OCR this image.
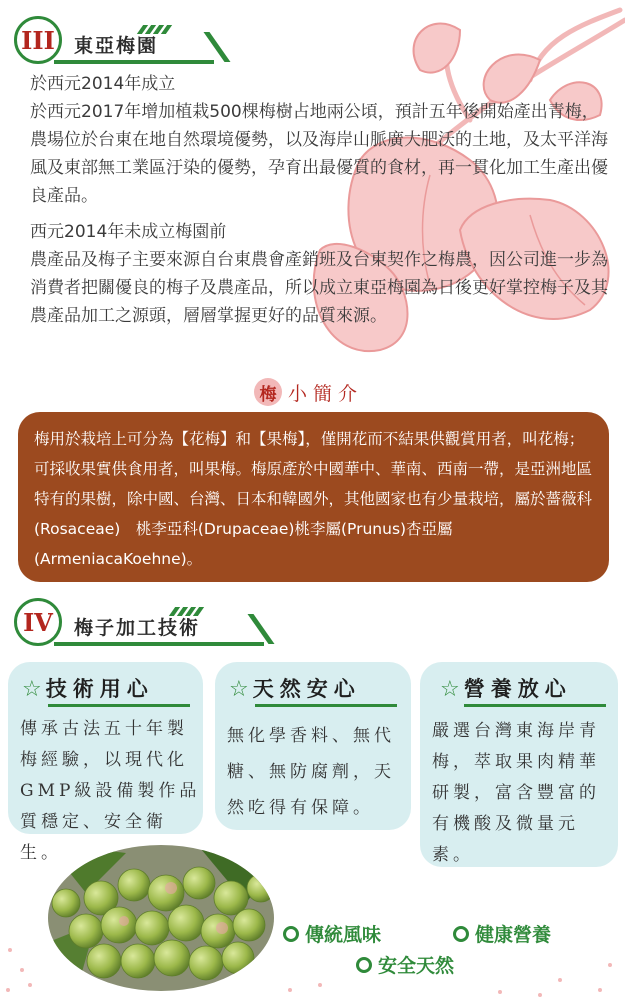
III	東亞梅園

於西元2014年成立

於西元2017年增加植栽500棵梅樹占地兩公頃，預計五年後開始產出青梅，農場位於台東在地自然環境優勢，以及海岸山脈廣大肥沃的土地，及太平洋海風及東部無工業區汙染的優勢，孕育出最優質的食材，再一貫化加工生產出優良產品。

西元2014年未成立梅園前

農產品及梅子主要來源自台東農會產銷班及台東契作之梅農，因公司進一步為消費者把關優良的梅子及農產品，所以成立東亞梅園為日後更好掌控梅子及其農產品加工之源頭，層層掌握更好的品質來源。

梅 小簡介
梅用於栽培上可分為【花梅】和【果梅】，僅開花而不結果供觀賞用者，叫花梅；可採收果實供食用者，叫果梅。梅原產於中國華中、華南、西南一帶，是亞洲地區特有的果樹，除中國、台灣、日本和韓國外，其他國家也有少量栽培，屬於薔薇科(Rosaceae)　桃李亞科(Drupaceae)桃李屬(Prunus)杏亞屬(ArmeniacaKoehne)。
IV	梅子加工技術
☆ 技術用心
傳承古法五十年製梅經驗，以現代化GMP級設備製作品質穩定、安全衛生。
☆ 天然安心
無化學香料、無代糖、無防腐劑，天然吃得有保障。
☆ 營養放心
嚴選台灣東海岸青梅，萃取果肉精華研製，富含豐富的有機酸及微量元素。
傳統風味	健康營養
安全天然
